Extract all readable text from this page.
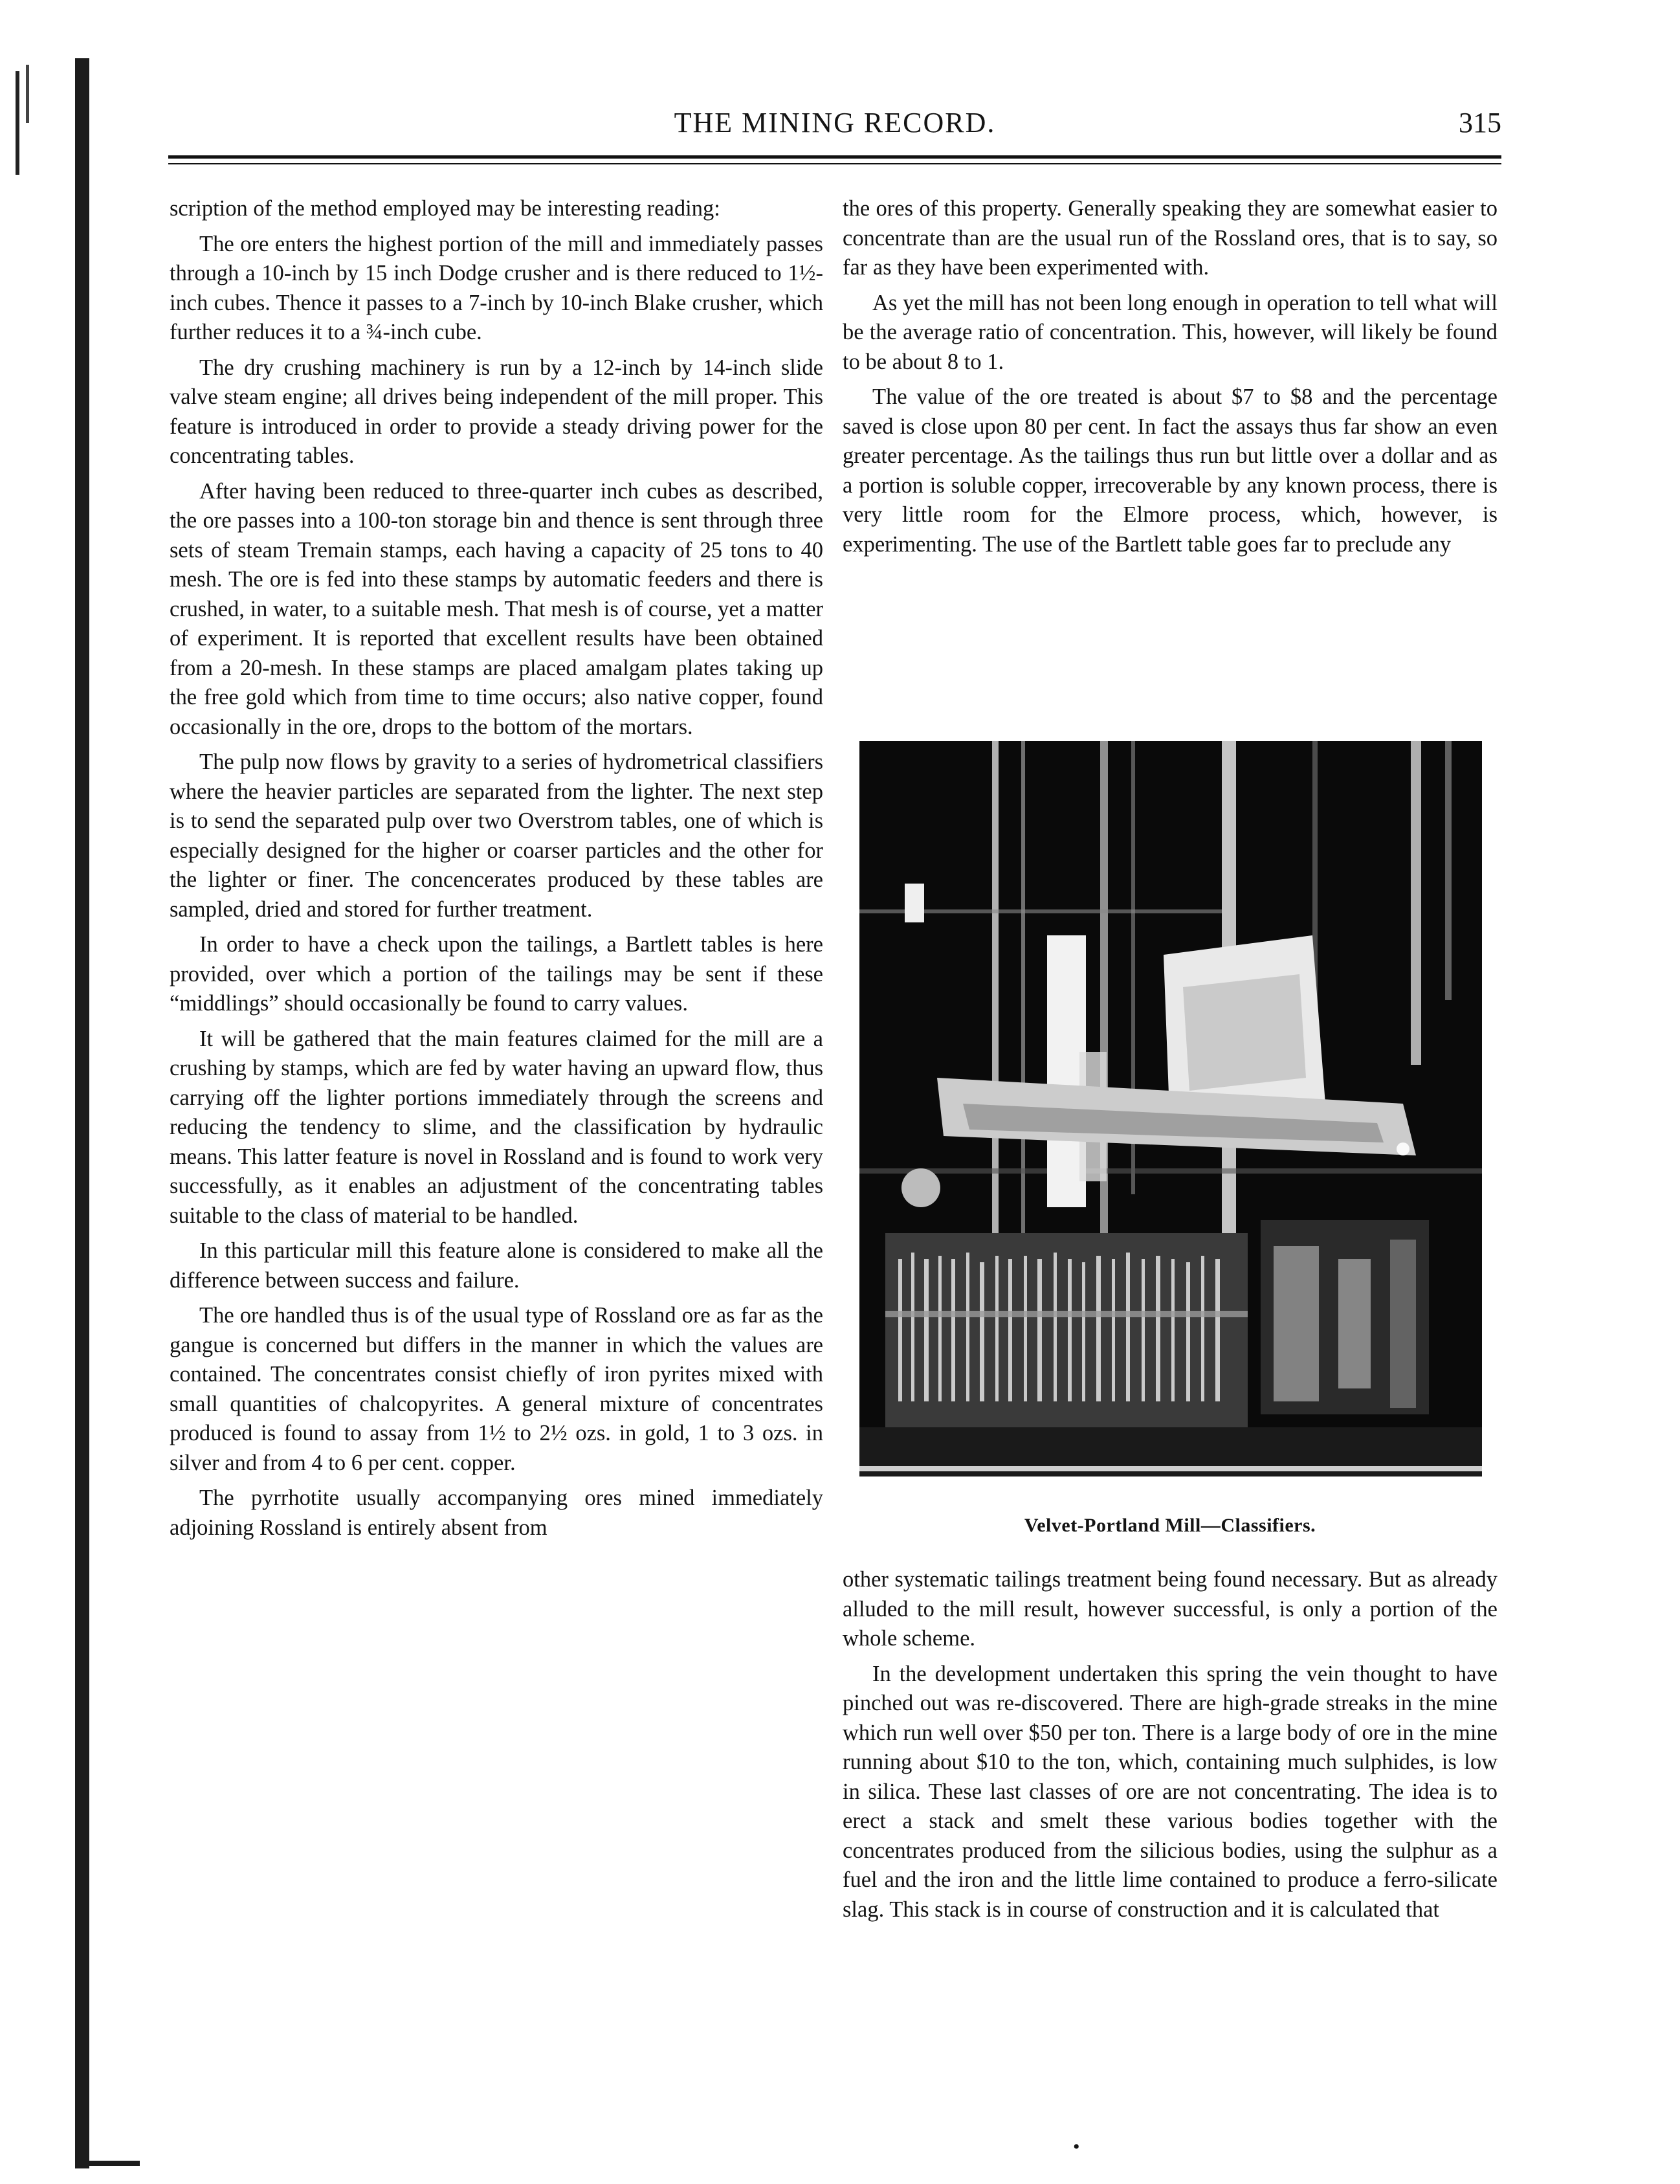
THE MINING RECORD.	315

scription of the method employed may be interesting reading:

The ore enters the highest portion of the mill and immediately passes through a 10-inch by 15 inch Dodge crusher and is there reduced to 1½-inch cubes. Thence it passes to a 7-inch by 10-inch Blake crusher, which further reduces it to a ¾-inch cube.

The dry crushing machinery is run by a 12-inch by 14-inch slide valve steam engine; all drives being independent of the mill proper. This feature is introduced in order to provide a steady driving power for the concentrating tables.

After having been reduced to three-quarter inch cubes as described, the ore passes into a 100-ton storage bin and thence is sent through three sets of steam Tremain stamps, each having a capacity of 25 tons to 40 mesh. The ore is fed into these stamps by automatic feeders and there is crushed, in water, to a suitable mesh. That mesh is of course, yet a matter of experiment. It is reported that excellent results have been obtained from a 20-mesh. In these stamps are placed amalgam plates taking up the free gold which from time to time occurs; also native copper, found occasionally in the ore, drops to the bottom of the mortars.

The pulp now flows by gravity to a series of hydrometrical classifiers where the heavier particles are separated from the lighter. The next step is to send the separated pulp over two Overstrom tables, one of which is especially designed for the higher or coarser particles and the other for the lighter or finer. The concencerates produced by these tables are sampled, dried and stored for further treatment.

In order to have a check upon the tailings, a Bartlett tables is here provided, over which a portion of the tailings may be sent if these “middlings” should occasionally be found to carry values.

It will be gathered that the main features claimed for the mill are a crushing by stamps, which are fed by water having an upward flow, thus carrying off the lighter portions immediately through the screens and reducing the tendency to slime, and the classification by hydraulic means. This latter feature is novel in Rossland and is found to work very successfully, as it enables an adjustment of the concentrating tables suitable to the class of material to be handled.

In this particular mill this feature alone is considered to make all the difference between success and failure.

The ore handled thus is of the usual type of Rossland ore as far as the gangue is concerned but differs in the manner in which the values are contained. The concentrates consist chiefly of iron pyrites mixed with small quantities of chalcopyrites. A general mixture of concentrates produced is found to assay from 1½ to 2½ ozs. in gold, 1 to 3 ozs. in silver and from 4 to 6 per cent. copper.

The pyrrhotite usually accompanying ores mined immediately adjoining Rossland is entirely absent from

the ores of this property. Generally speaking they are somewhat easier to concentrate than are the usual run of the Rossland ores, that is to say, so far as they have been experimented with.

As yet the mill has not been long enough in operation to tell what will be the average ratio of concentration. This, however, will likely be found to be about 8 to 1.

The value of the ore treated is about $7 to $8 and the percentage saved is close upon 80 per cent. In fact the assays thus far show an even greater percentage. As the tailings thus run but little over a dollar and as a portion is soluble copper, irrecoverable by any known process, there is very little room for the Elmore process, which, however, is experimenting. The use of the Bartlett table goes far to preclude any

Velvet-Portland Mill—Classifiers.

other systematic tailings treatment being found necessary. But as already alluded to the mill result, however successful, is only a portion of the whole scheme.

In the development undertaken this spring the vein thought to have pinched out was re-discovered. There are high-grade streaks in the mine which run well over $50 per ton. There is a large body of ore in the mine running about $10 to the ton, which, containing much sulphides, is low in silica. These last classes of ore are not concentrating. The idea is to erect a stack and smelt these various bodies together with the concentrates produced from the silicious bodies, using the sulphur as a fuel and the iron and the little lime contained to produce a ferro-silicate slag. This stack is in course of construction and it is calculated that

•
